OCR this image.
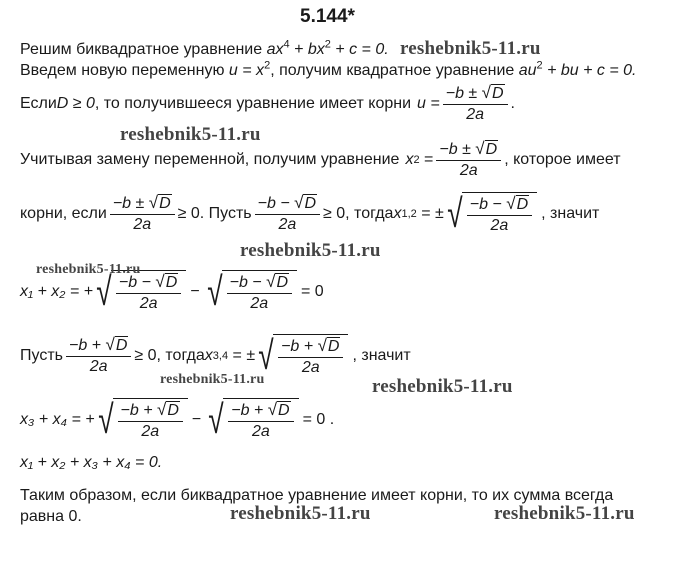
5.144*
Решим биквадратное уравнение $ax^4 + bx^2 + c = 0$.
Введем новую переменную $u = x^2$, получим квадратное уравнение $au^2$ + bu + c = 0.
Если D ≥ 0 , то получившееся уравнение имеет корни $u = \frac{-b \pm √D}{2a}$ .
Учитывая замену переменной, получим уравнение x $2 = \frac{-b \pm √D}{2a}$ , которое имеет
корни, если $\frac{-b \pm √D}{2a} \ge 0$. Пусть $\frac{-b - √D}{2a} \ge 0$ , тогда x 1,2
= ± √ $\frac{-b - √D}{2a}$ , значит
x₁ + x₂ = + √ $\frac{-b - √D}{2a}$ − √ $\frac{-b - √D}{2a} = 0$
Пусть $\frac{-b + √D}{2a} \ge 0$ , тогда x 3,4
= ± √ $\frac{-b + √D}{2a}$ , значит
x₃ + x₄ = + √ $\frac{-b + √D}{2a}$ − √ $\frac{-b + √D}{2a} = 0$ .
x₁ + x₂ + x₃ + x₄ = 0.
Таким образом, если биквадратное уравнение имеет корни, то их сумма всегда
равна 0.
reshebnik5-11.ru
reshebnik5-11.ru
reshebnik5-11.ru
reshebnik5-11.ru
reshebnik5-11.ru	reshebnik5-11.ru
reshebnik5-11.ru	reshebnik5-11.ru
